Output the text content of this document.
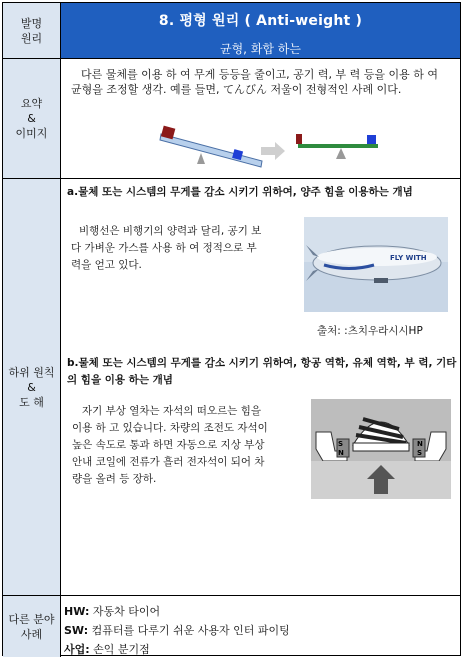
발명
원리
8. 평형 원리 ( Anti-weight )
균형, 화합 하는
요약
&
이미지
다른 물체를 이용 하 여 무게 등등을 줄이고, 공기 력, 부 력 등을 이용 하 여 균형을 조정할 생각. 예를 들면, てんびん 저울이 전형적인 사례 이다.
하위 원칙
&
도 해
a.물체 또는 시스템의 무게를 감소 시키기 위하여, 양주 힘을 이용하는 개념
비행선은 비행기의 양력과 달리, 공기 보다 가벼운 가스를 사용 하 여 정적으로 부 력을 얻고 있다.
FLY WITH
출처: :츠치우라시시HP
b.물체 또는 시스템의 무게를 감소 시키기 위하여, 항공 역학, 유체 역학, 부 력, 기타의 힘을 이용 하는 개념
자기 부상 열차는 자석의 떠오르는 힘을 이용 하 고 있습니다. 차량의 조전도 자석이 높은 속도로 통과 하면 자동으로 지상 부상 안내 코일에 전류가 흘러 전자석이 되어 차량을 올려 등 장하.
S
N
N
S
다른 분야
사례
HW: 자동차 타이어
SW: 컴퓨터를 다루기 쉬운 사용자 인터 파이팅
사업: 손익 분기점
